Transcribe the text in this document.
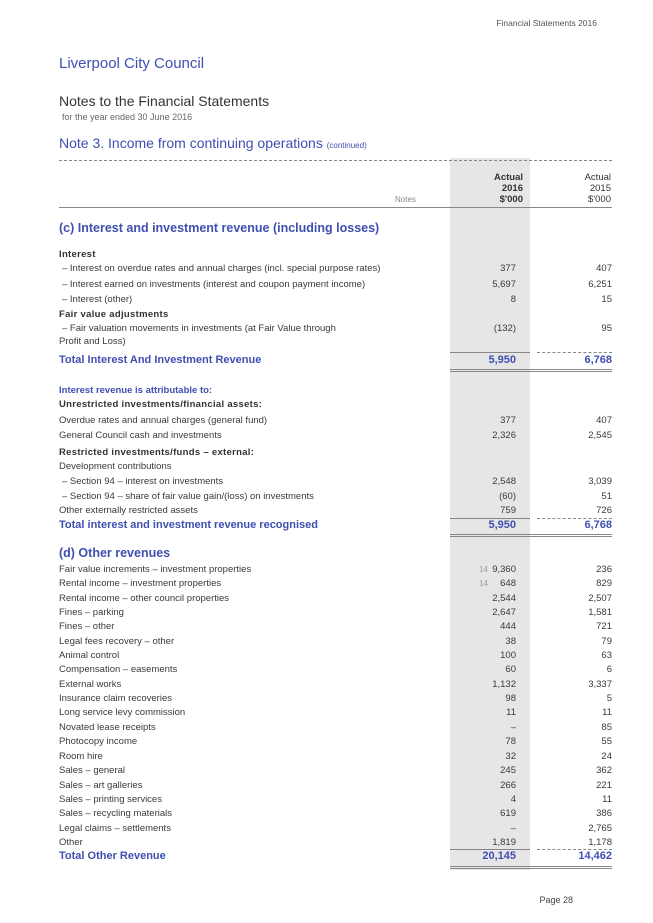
Financial Statements 2016
Liverpool City Council
Notes to the Financial Statements
for the year ended 30 June 2016
Note 3. Income from continuing operations (continued)
Actual
2016
$'000
Actual
2015
$'000
Notes
(c) Interest and investment revenue (including losses)
Interest
– Interest on overdue rates and annual charges (incl. special purpose rates)	377	407
– Interest earned on investments (interest and coupon payment income)	5,697	6,251
– Interest (other)	8	15
Fair value adjustments
– Fair valuation movements in investments (at Fair Value through	(132)	95
Profit and Loss)
Total Interest And Investment Revenue	5,950	6,768
Interest revenue is attributable to:
Unrestricted investments/financial assets:
Overdue rates and annual charges (general fund)	377	407
General Council cash and investments	2,326	2,545
Restricted investments/funds – external:
Development contributions
– Section 94 – interest on investments	2,548	3,039
– Section 94 – share of fair value gain/(loss) on investments	(60)	51
Other externally restricted assets	759	726
Total interest and investment revenue recognised	5,950	6,768
(d) Other revenues
Fair value increments – investment properties	14 9,360	236
Rental income – investment properties	14 648	829
Rental income – other council properties	2,544	2,507
Fines – parking	2,647	1,581
Fines – other	444	721
Legal fees recovery – other	38	79
Animal control	100	63
Compensation – easements	60	6
External works	1,132	3,337
Insurance claim recoveries	98	5
Long service levy commission	11	11
Novated lease receipts	–	85
Photocopy income	78	55
Room hire	32	24
Sales – general	245	362
Sales – art galleries	266	221
Sales – printing services	4	11
Sales – recycling materials	619	386
Legal claims – settlements	–	2,765
Other	1,819	1,178
Total Other Revenue	20,145	14,462
Page 28
